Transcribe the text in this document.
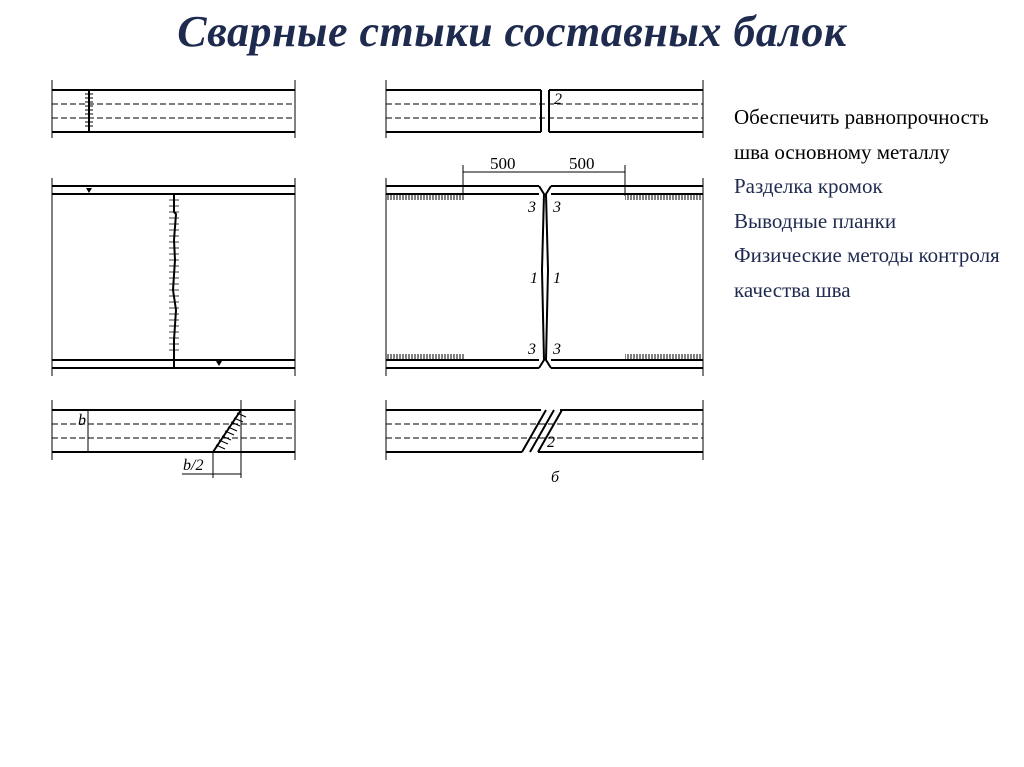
Сварные стыки составных балок
b
b/2
2
500	500
3 3
1 1
3 3
2
б
Обеспечить равнопрочность шва основному металлу
Разделка кромок
Выводные планки
Физические методы контроля качества шва
